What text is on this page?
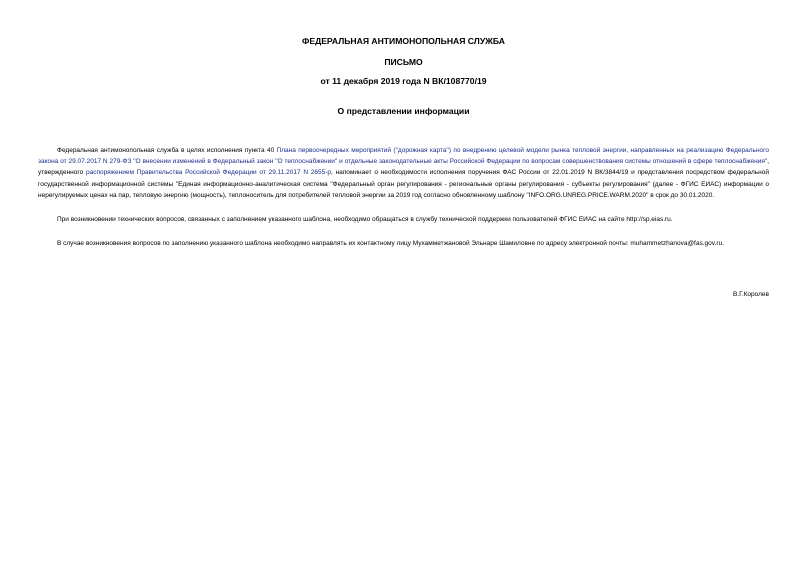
ФЕДЕРАЛЬНАЯ АНТИМОНОПОЛЬНАЯ СЛУЖБА
ПИСЬМО
от 11 декабря 2019 года N ВК/108770/19
О представлении информации

Федеральная антимонопольная служба в целях исполнения пункта 40 Плана первоочередных мероприятий ("дорожная карта") по внедрению целевой модели рынка тепловой энергии, направленных на реализацию Федерального закона от 29.07.2017 N 279-ФЗ "О внесении изменений в Федеральный закон "О теплоснабжении" и отдельные законодательные акты Российской Федерации по вопросам совершенствования системы отношений в сфере теплоснабжения", утвержденного распоряжением Правительства Российской Федерации от 29.11.2017 N 2655-р, напоминает о необходимости исполнения поручения ФАС России от 22.01.2019 N ВК/3844/19 и представления посредством федеральной государственной информационной системы "Единая информационно-аналитическая система "Федеральный орган регулирования - региональные органы регулирования - субъекты регулирования" (далее - ФГИС ЕИАС) информации о нерегулируемых ценах на пар, тепловую энергию (мощность), теплоноситель для потребителей тепловой энергии за 2019 год согласно обновленному шаблону "INFO.ORG.UNREG.PRICE.WARM.2020" в срок до 30.01.2020.

При возникновении технических вопросов, связанных с заполнением указанного шаблона, необходимо обращаться в службу технической поддержки пользователей ФГИС ЕИАС на сайте http://sp.eias.ru.

В случае возникновения вопросов по заполнению указанного шаблона необходимо направлять их контактному лицу Мухамметжановой Эльнаре Шамиловне по адресу электронной почты: muhammetzhanova@fas.gov.ru.

В.Г.Королев
